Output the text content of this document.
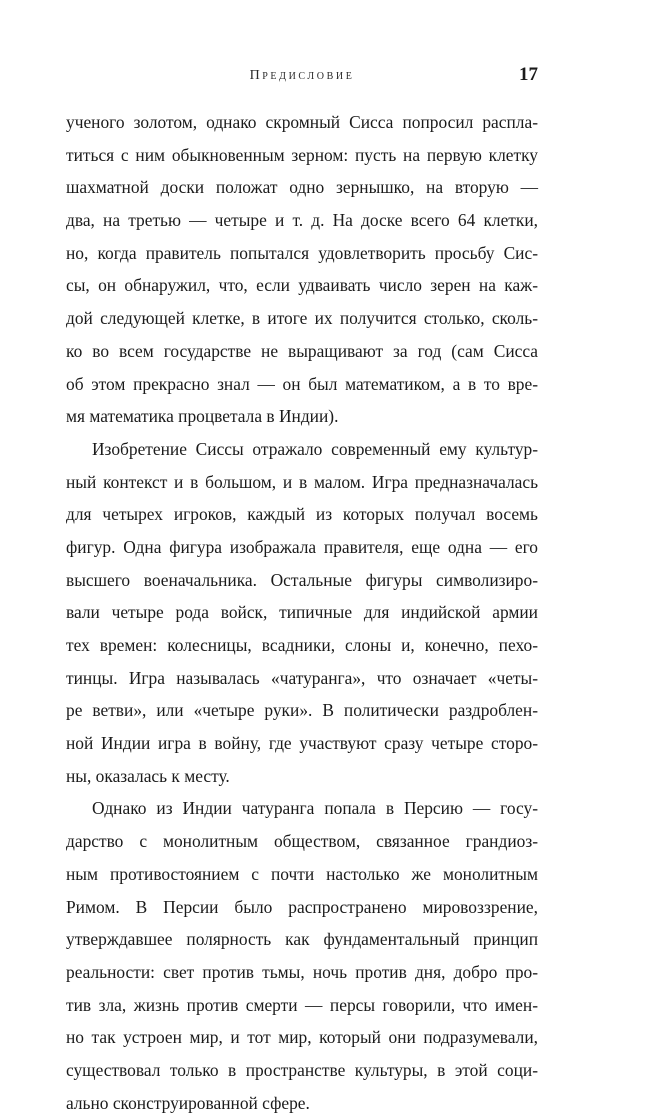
Предисловие	17
ученого золотом, однако скромный Сисса попросил распла-
титься с ним обыкновенным зерном: пусть на первую клетку
шахматной доски положат одно зернышко, на вторую —
два, на третью — четыре и т. д. На доске всего 64 клетки,
но, когда правитель попытался удовлетворить просьбу Сис-
сы, он обнаружил, что, если удваивать число зерен на каж-
дой следующей клетке, в итоге их получится столько, сколь-
ко во всем государстве не выращивают за год (сам Сисса
об этом прекрасно знал — он был математиком, а в то вре-
мя математика процветала в Индии).
Изобретение Сиссы отражало современный ему культур-
ный контекст и в большом, и в малом. Игра предназначалась
для четырех игроков, каждый из которых получал восемь
фигур. Одна фигура изображала правителя, еще одна — его
высшего военачальника. Остальные фигуры символизиро-
вали четыре рода войск, типичные для индийской армии
тех времен: колесницы, всадники, слоны и, конечно, пехо-
тинцы. Игра называлась «чатуранга», что означает «четы-
ре ветви», или «четыре руки». В политически раздроблен-
ной Индии игра в войну, где участвуют сразу четыре сторо-
ны, оказалась к месту.
Однако из Индии чатуранга попала в Персию — госу-
дарство с монолитным обществом, связанное грандиоз-
ным противостоянием с почти настолько же монолитным
Римом. В Персии было распространено мировоззрение,
утверждавшее полярность как фундаментальный принцип
реальности: свет против тьмы, ночь против дня, добро про-
тив зла, жизнь против смерти — персы говорили, что имен-
но так устроен мир, и тот мир, который они подразумевали,
существовал только в пространстве культуры, в этой соци-
ально сконструированной сфере.
